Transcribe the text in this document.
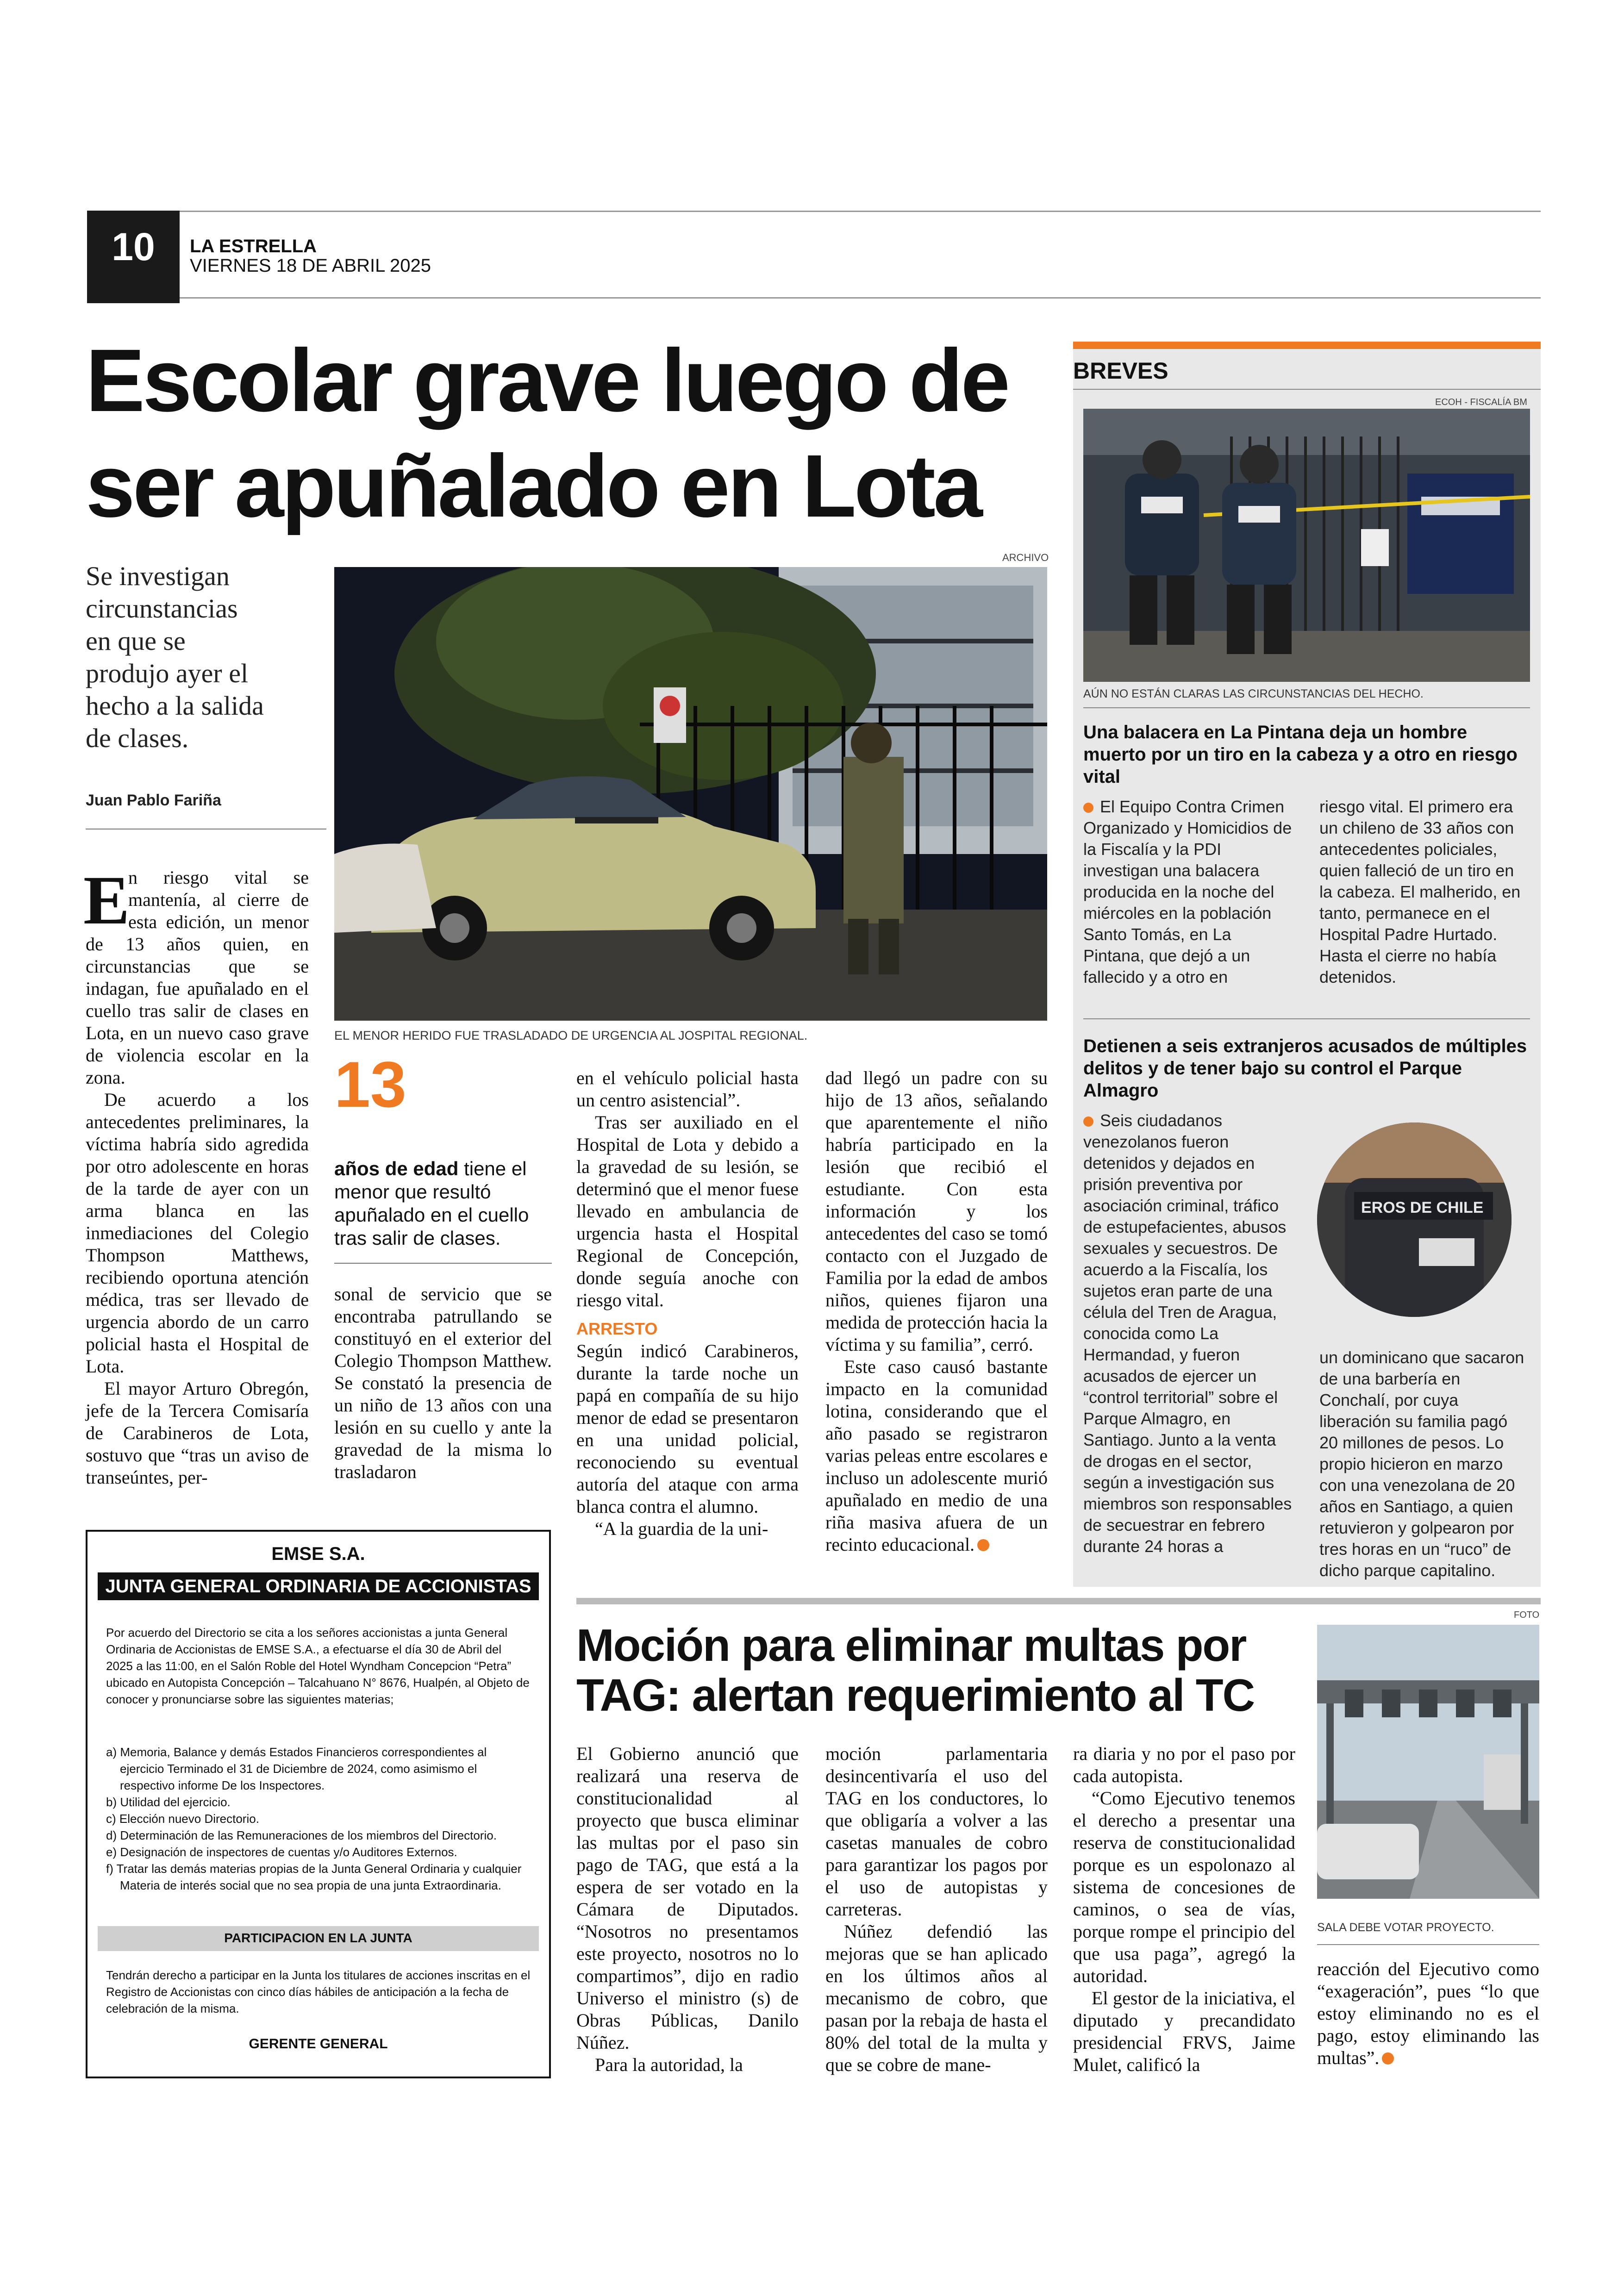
10	LA ESTRELLA
VIERNES 18 DE ABRIL 2025
Escolar grave luego de
ser apuñalado en Lota
Se investigan
circunstancias
en que se
produjo ayer el
hecho a la salida
de clases.
Juan Pablo Fariña
ARCHIVO
EL MENOR HERIDO FUE TRASLADADO DE URGENCIA AL JOSPITAL REGIONAL.
E

n riesgo vital se mantenía, al cierre de esta edición, un menor de 13 años quien, en circunstancias que se indagan, fue apuñalado en el cuello tras salir de clases en Lota, en un nuevo caso grave de violencia escolar en la zona.

De acuerdo a los antecedentes preliminares, la víctima habría sido agredida por otro adolescente en horas de la tarde de ayer con un arma blanca en las inmediaciones del Colegio Thompson Matthews, recibiendo oportuna atención médica, tras ser llevado de urgencia abordo de un carro policial hasta el Hospital de Lota.

El mayor Arturo Obregón, jefe de la Tercera Comisaría de Carabineros de Lota, sostuvo que “tras un aviso de transeúntes, per-

13
años de edad tiene el menor que resultó apuñalado en el cuello tras salir de clases.

sonal de servicio que se encontraba patrullando se constituyó en el exterior del Colegio Thompson Matthew. Se constató la presencia de un niño de 13 años con una lesión en su cuello y ante la gravedad de la misma lo trasladaron

en el vehículo policial hasta un centro asistencial”.

Tras ser auxiliado en el Hospital de Lota y debido a la gravedad de su lesión, se determinó que el menor fuese llevado en ambulancia de urgencia hasta el Hospital Regional de Concepción, donde seguía anoche con riesgo vital.

ARRESTO

Según indicó Carabineros, durante la tarde noche un papá en compañía de su hijo menor de edad se presentaron en una unidad policial, reconociendo su eventual autoría del ataque con arma blanca contra el alumno.

“A la guardia de la uni-

dad llegó un padre con su hijo de 13 años, señalando que aparentemente el niño habría participado en la lesión que recibió el estudiante. Con esta información y los antecedentes del caso se tomó contacto con el Juzgado de Familia por la edad de ambos niños, quienes fijaron una medida de protección hacia la víctima y su familia”, cerró.

Este caso causó bastante impacto en la comunidad lotina, considerando que el año pasado se registraron varias peleas entre escolares e incluso un adolescente murió apuñalado en medio de una riña masiva afuera de un recinto educacional.

BREVES
ECOH - FISCALÍA BM
AÚN NO ESTÁN CLARAS LAS CIRCUNSTANCIAS DEL HECHO.
Una balacera en La Pintana deja un hombre muerto por un tiro en la cabeza y a otro en riesgo vital

El Equipo Contra Crimen Organizado y Homicidios de la Fiscalía y la PDI investigan una balacera producida en la noche del miércoles en la población Santo Tomás, en La Pintana, que dejó a un fallecido y a otro en

riesgo vital. El primero era un chileno de 33 años con antecedentes policiales, quien falleció de un tiro en la cabeza. El malherido, en tanto, permanece en el Hospital Padre Hurtado. Hasta el cierre no había detenidos.

Detienen a seis extranjeros acusados de múltiples delitos y de tener bajo su control el Parque Almagro

Seis ciudadanos venezolanos fueron detenidos y dejados en prisión preventiva por asociación criminal, tráfico de estupefacientes, abusos sexuales y secuestros. De acuerdo a la Fiscalía, los sujetos eran parte de una célula del Tren de Aragua, conocida como La Hermandad, y fueron acusados de ejercer un “control territorial” sobre el Parque Almagro, en Santiago. Junto a la venta de drogas en el sector, según a investigación sus miembros son responsables de secuestrar en febrero durante 24 horas a

EROS DE CHILE

un dominicano que sacaron de una barbería en Conchalí, por cuya liberación su familia pagó 20 millones de pesos. Lo propio hicieron en marzo con una venezolana de 20 años en Santiago, a quien retuvieron y golpearon por tres horas en un “ruco” de dicho parque capitalino.

EMSE S.A.
JUNTA GENERAL ORDINARIA DE ACCIONISTAS
Por acuerdo del Directorio se cita a los señores accionistas a junta General Ordinaria de Accionistas de EMSE S.A., a efectuarse el día 30 de Abril del 2025 a las 11:00, en el Salón Roble del Hotel Wyndham Concepcion “Petra” ubicado en Autopista Concepción – Talcahuano N° 8676, Hualpén, al Objeto de conocer y pronunciarse sobre las siguientes materias;
a) Memoria, Balance y demás Estados Financieros correspondientes al ejercicio Terminado el 31 de Diciembre de 2024, como asimismo el respectivo informe De los Inspectores.
b) Utilidad del ejercicio.
c) Elección nuevo Directorio.
d) Determinación de las Remuneraciones de los miembros del Directorio.
e) Designación de inspectores de cuentas y/o Auditores Externos.
f) Tratar las demás materias propias de la Junta General Ordinaria y cualquier Materia de interés social que no sea propia de una junta Extraordinaria.
PARTICIPACION EN LA JUNTA
Tendrán derecho a participar en la Junta los titulares de acciones inscritas en el Registro de Accionistas con cinco días hábiles de anticipación a la fecha de celebración de la misma.
GERENTE GENERAL
Moción para eliminar multas por
TAG: alertan requerimiento al TC
FOTO
SALA DEBE VOTAR PROYECTO.

El Gobierno anunció que realizará una reserva de constitucionalidad al proyecto que busca eliminar las multas por el paso sin pago de TAG, que está a la espera de ser votado en la Cámara de Diputados. “Nosotros no presentamos este proyecto, nosotros no lo compartimos”, dijo en radio Universo el ministro (s) de Obras Públicas, Danilo Núñez.

Para la autoridad, la

moción parlamentaria desincentivaría el uso del TAG en los conductores, lo que obligaría a volver a las casetas manuales de cobro para garantizar los pagos por el uso de autopistas y carreteras.

Núñez defendió las mejoras que se han aplicado en los últimos años al mecanismo de cobro, que pasan por la rebaja de hasta el 80% del total de la multa y que se cobre de mane-

ra diaria y no por el paso por cada autopista.

“Como Ejecutivo tenemos el derecho a presentar una reserva de constitucionalidad porque es un espolonazo al sistema de concesiones de caminos, o sea de vías, porque rompe el principio del que usa paga”, agregó la autoridad.

El gestor de la iniciativa, el diputado y precandidato presidencial FRVS, Jaime Mulet, calificó la

reacción del Ejecutivo como “exageración”, pues “lo que estoy eliminando no es el pago, estoy eliminando las multas”.
